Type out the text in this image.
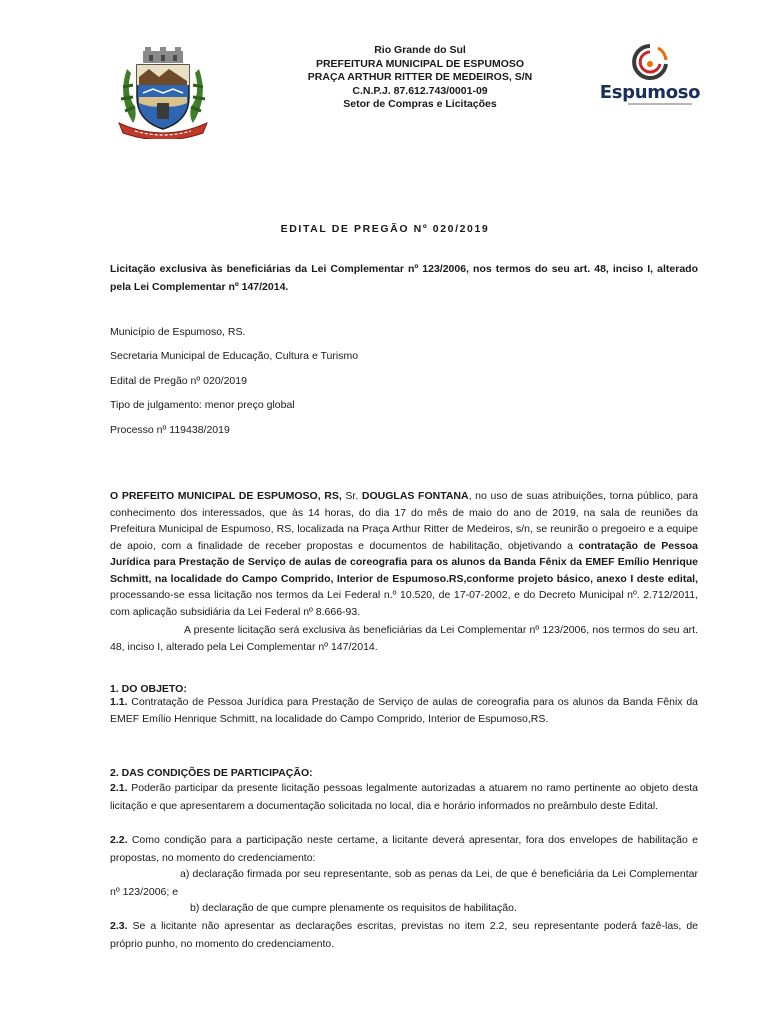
Rio Grande do Sul
PREFEITURA MUNICIPAL DE ESPUMOSO
PRAÇA ARTHUR RITTER DE MEDEIROS, S/N
C.N.P.J. 87.612.743/0001-09
Setor de Compras e Licitações
Espumoso
EDITAL DE PREGÃO Nº 020/2019
Licitação exclusiva às beneficiárias da Lei Complementar nº 123/2006, nos termos do seu art. 48, inciso I, alterado pela Lei Complementar nº 147/2014.
Município de Espumoso, RS.
Secretaria Municipal de Educação, Cultura e Turismo
Edital de Pregão nº 020/2019
Tipo de julgamento: menor preço global
Processo nº 119438/2019
O PREFEITO MUNICIPAL DE ESPUMOSO, RS, Sr. DOUGLAS FONTANA, no uso de suas atribuições, torna público, para conhecimento dos interessados, que às 14 horas, do dia 17 do mês de maio do ano de 2019, na sala de reuniões da Prefeitura Municipal de Espumoso, RS, localizada na Praça Arthur Ritter de Medeiros, s/n, se reunirão o pregoeiro e a equipe de apoio, com a finalidade de receber propostas e documentos de habilitação, objetivando a contratação de Pessoa Jurídica para Prestação de Serviço de aulas de coreografia para os alunos da Banda Fênix da EMEF Emílio Henrique Schmitt, na localidade do Campo Comprido, Interior de Espumoso.RS,conforme projeto básico, anexo I deste edital, processando-se essa licitação nos termos da Lei Federal n.º 10.520, de 17-07-2002, e do Decreto Municipal nº. 2.712/2011, com aplicação subsidiária da Lei Federal nº 8.666-93.
A presente licitação será exclusiva às beneficiárias da Lei Complementar nº 123/2006, nos termos do seu art. 48, inciso I, alterado pela Lei Complementar nº 147/2014.
1. DO OBJETO:
1.1. Contratação de Pessoa Jurídica para Prestação de Serviço de aulas de coreografia para os alunos da Banda Fênix da EMEF Emílio Henrique Schmitt, na localidade do Campo Comprido, Interior de Espumoso,RS.
2. DAS CONDIÇÕES DE PARTICIPAÇÃO:
2.1. Poderão participar da presente licitação pessoas legalmente autorizadas a atuarem no ramo pertinente ao objeto desta licitação e que apresentarem a documentação solicitada no local, dia e horário informados no preâmbulo deste Edital.
2.2. Como condição para a participação neste certame, a licitante deverá apresentar, fora dos envelopes de habilitação e propostas, no momento do credenciamento:
a) declaração firmada por seu representante, sob as penas da Lei, de que é beneficiária da Lei Complementar nº 123/2006; e
b) declaração de que cumpre plenamente os requisitos de habilitação.
2.3. Se a licitante não apresentar as declarações escritas, previstas no item 2.2, seu representante poderá fazê-las, de próprio punho, no momento do credenciamento.
